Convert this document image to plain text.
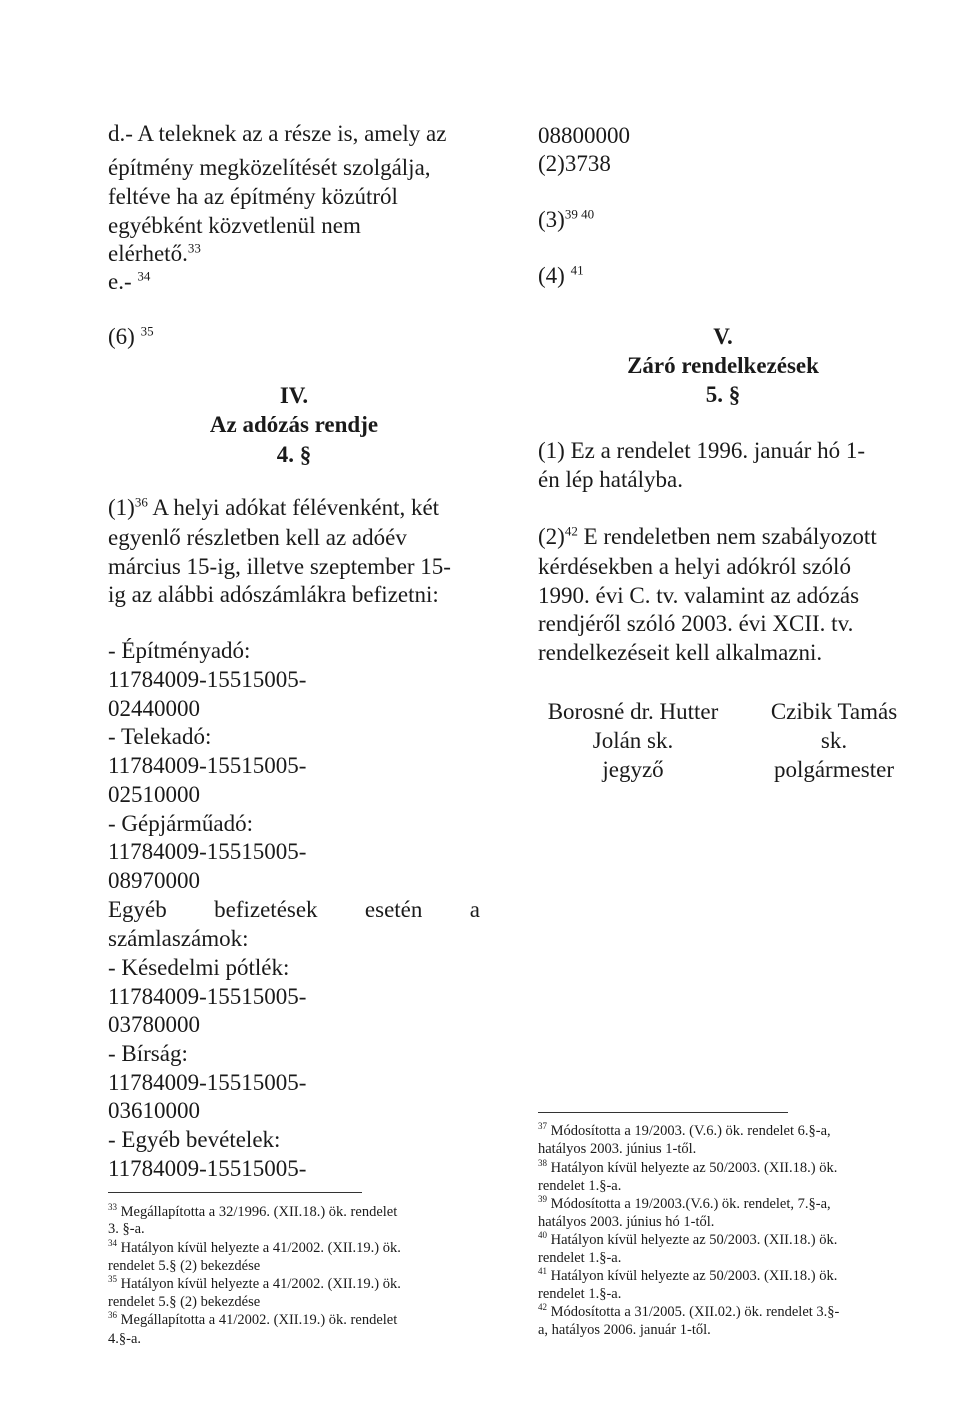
d.- A teleknek az a része is, amely az
építmény megközelítését szolgálja,
feltéve ha az építmény közútról
egyébként közvetlenül nem
elérhető.$^{33}$
e.- $^{34}$
(6) $^{35}$
IV.
Az adózás rendje
4. §
$(1)^{36}$ A helyi adókat félévenként, két
egyenlő részletben kell az adóév
március 15-ig, illetve szeptember 15-
ig az alábbi adószámlákra befizetni:
- Építményadó:
11784009-15515005-
02440000
- Telekadó:
11784009-15515005-
02510000
- Gépjárműadó:
11784009-15515005-
08970000
Egyéb befizetések esetén a
számlaszámok:
- Késedelmi pótlék:
11784009-15515005-
03780000
- Bírság:
11784009-15515005-
03610000
- Egyéb bevételek:
11784009-15515005-
$^{33}$ Megállapította a 32/1996. (XII.18.) ök. rendelet
3. §-a.
$^{34}$ Hatályon kívül helyezte a 41/2002. (XII.19.) ök.
rendelet 5.§ (2) bekezdése
$^{35}$ Hatályon kívül helyezte a 41/2002. (XII.19.) ök.
rendelet 5.§ (2) bekezdése
$^{36}$ Megállapította a 41/2002. (XII.19.) ök. rendelet
4.§-a.
08800000
(2)3738
$(3)^{39 40}$
(4) $^{41}$
V.
Záró rendelkezések
5. §
(1) Ez a rendelet 1996. január hó 1-
én lép hatályba.
$(2)^{42}$ E rendeletben nem szabályozott
kérdésekben a helyi adókról szóló
1990. évi C. tv. valamint az adózás
rendjéről szóló 2003. évi XCII. tv.
rendelkezéseit kell alkalmazni.
Borosné dr. Hutter
Jolán sk.
jegyző
Czibik Tamás
sk.
polgármester
$^{37}$ Módosította a 19/2003. (V.6.) ök. rendelet 6.§-a,
hatályos 2003. június 1-től.
$^{38}$ Hatályon kívül helyezte az 50/2003. (XII.18.) ök.
rendelet 1.§-a.
$^{39}$ Módosította a 19/2003.(V.6.) ök. rendelet, 7.§-a,
hatályos 2003. június hó 1-től.
$^{40}$ Hatályon kívül helyezte az 50/2003. (XII.18.) ök.
rendelet 1.§-a.
$^{41}$ Hatályon kívül helyezte az 50/2003. (XII.18.) ök.
rendelet 1.§-a.
$^{42}$ Módosította a 31/2005. (XII.02.) ök. rendelet 3.§-
a, hatályos 2006. január 1-től.
